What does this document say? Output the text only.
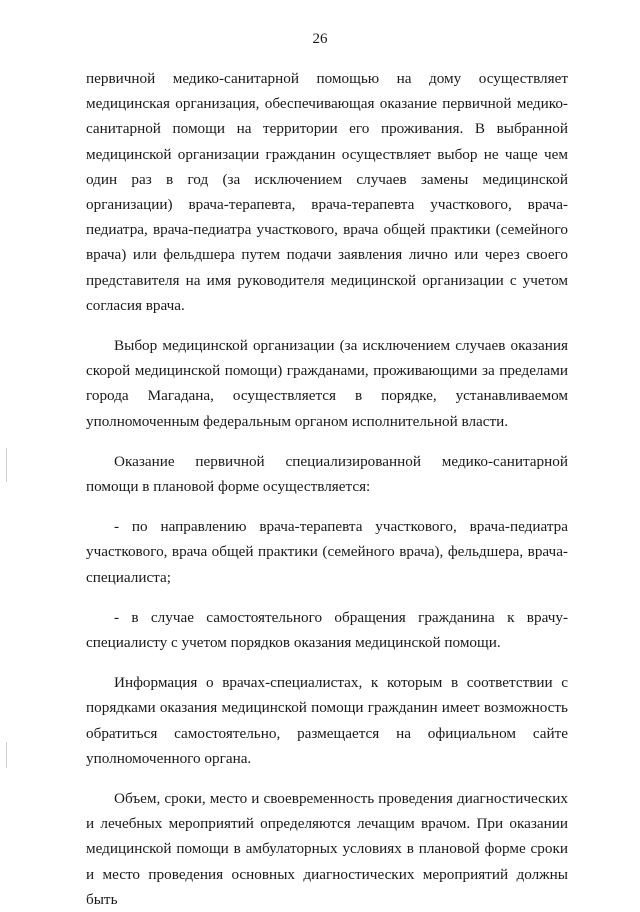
26

первичной медико-санитарной помощью на дому осуществляет медицинская организация, обеспечивающая оказание первичной медико-санитарной помощи на территории его проживания. В выбранной медицинской организации гражданин осуществляет выбор не чаще чем один раз в год (за исключением случаев замены медицинской организации) врача-терапевта, врача-терапевта участкового, врача-педиатра, врача-педиатра участкового, врача общей практики (семейного врача) или фельдшера путем подачи заявления лично или через своего представителя на имя руководителя медицинской организации с учетом согласия врача.

Выбор медицинской организации (за исключением случаев оказания скорой медицинской помощи) гражданами, проживающими за пределами города Магадана, осуществляется в порядке, устанавливаемом уполномоченным федеральным органом исполнительной власти.

Оказание первичной специализированной медико-санитарной помощи в плановой форме осуществляется:

- по направлению врача-терапевта участкового, врача-педиатра участкового, врача общей практики (семейного врача), фельдшера, врача-специалиста;

- в случае самостоятельного обращения гражданина к врачу-специалисту с учетом порядков оказания медицинской помощи.

Информация о врачах-специалистах, к которым в соответствии с порядками оказания медицинской помощи гражданин имеет возможность обратиться самостоятельно, размещается на официальном сайте уполномоченного органа.

Объем, сроки, место и своевременность проведения диагностических и лечебных мероприятий определяются лечащим врачом. При оказании медицинской помощи в амбулаторных условиях в плановой форме сроки и место проведения основных диагностических мероприятий должны быть
